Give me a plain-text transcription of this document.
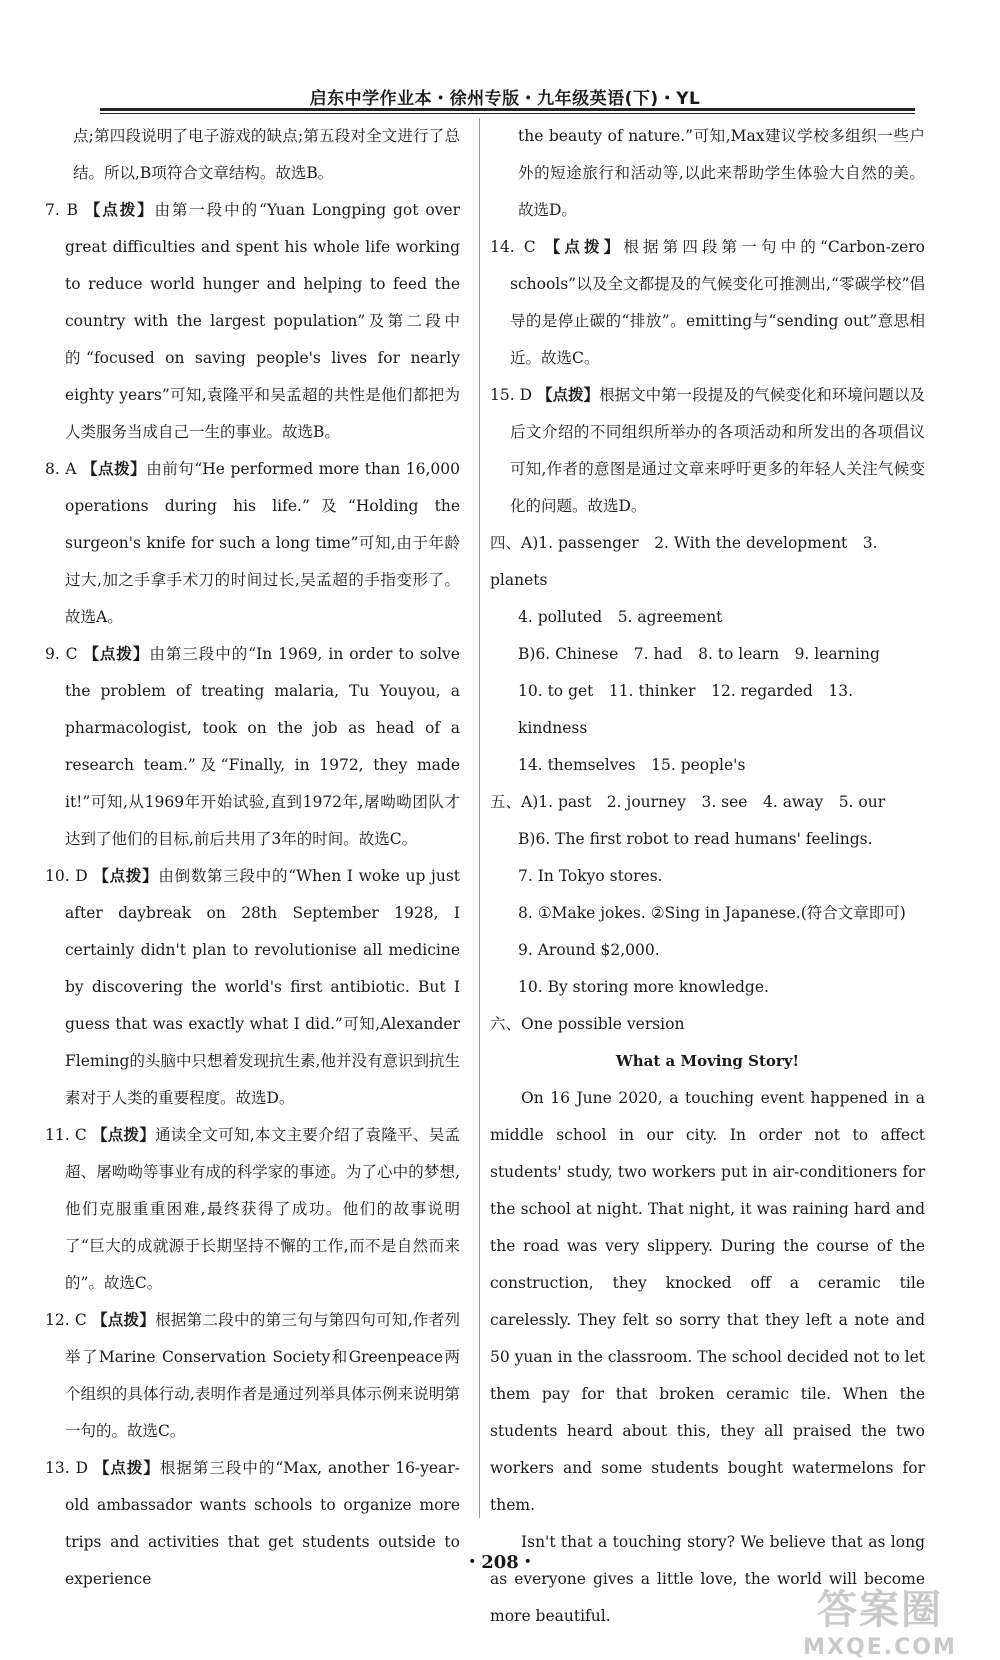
启东中学作业本・徐州专版・九年级英语(下)・YL
点;第四段说明了电子游戏的缺点;第五段对全文进行了总结。所以,B项符合文章结构。故选B。
7. B 【点拨】由第一段中的“Yuan Longping got over great difficulties and spent his whole life working to reduce world hunger and helping to feed the country with the largest population”及第二段中的“focused on saving people's lives for nearly eighty years”可知,袁隆平和吴孟超的共性是他们都把为人类服务当成自己一生的事业。故选B。
8. A 【点拨】由前句“He performed more than 16,000 operations during his life.”及“Holding the surgeon's knife for such a long time”可知,由于年龄过大,加之手拿手术刀的时间过长,吴孟超的手指变形了。故选A。
9. C 【点拨】由第三段中的“In 1969, in order to solve the problem of treating malaria, Tu Youyou, a pharmacologist, took on the job as head of a research team.”及“Finally, in 1972, they made it!”可知,从1969年开始试验,直到1972年,屠呦呦团队才达到了他们的目标,前后共用了3年的时间。故选C。
10. D 【点拨】由倒数第三段中的“When I woke up just after daybreak on 28th September 1928, I certainly didn't plan to revolutionise all medicine by discovering the world's first antibiotic. But I guess that was exactly what I did.”可知,Alexander Fleming的头脑中只想着发现抗生素,他并没有意识到抗生素对于人类的重要程度。故选D。
11. C 【点拨】通读全文可知,本文主要介绍了袁隆平、吴孟超、屠呦呦等事业有成的科学家的事迹。为了心中的梦想,他们克服重重困难,最终获得了成功。他们的故事说明了“巨大的成就源于长期坚持不懈的工作,而不是自然而来的”。故选C。
12. C 【点拨】根据第二段中的第三句与第四句可知,作者列举了Marine Conservation Society和Greenpeace两个组织的具体行动,表明作者是通过列举具体示例来说明第一句的。故选C。
13. D 【点拨】根据第三段中的“Max, another 16-year-old ambassador wants schools to organize more trips and activities that get students outside to experience
the beauty of nature.”可知,Max建议学校多组织一些户外的短途旅行和活动等,以此来帮助学生体验大自然的美。故选D。
14. C 【点拨】根据第四段第一句中的“Carbon-zero schools”以及全文都提及的气候变化可推测出,“零碳学校”倡导的是停止碳的“排放”。emitting与“sending out”意思相近。故选C。
15. D 【点拨】根据文中第一段提及的气候变化和环境问题以及后文介绍的不同组织所举办的各项活动和所发出的各项倡议可知,作者的意图是通过文章来呼吁更多的年轻人关注气候变化的问题。故选D。
四、A)1. passenger　2. With the development　3. planets
4. polluted　5. agreement
B)6. Chinese　7. had　8. to learn　9. learning
10. to get　11. thinker　12. regarded　13. kindness
14. themselves　15. people's
五、A)1. past　2. journey　3. see　4. away　5. our
B)6. The first robot to read humans' feelings.
7. In Tokyo stores.
8. ①Make jokes. ②Sing in Japanese.(符合文章即可)
9. Around $2,000.
10. By storing more knowledge.
六、One possible version
What a Moving Story!
On 16 June 2020, a touching event happened in a middle school in our city. In order not to affect students' study, two workers put in air-conditioners for the school at night. That night, it was raining hard and the road was very slippery. During the course of the construction, they knocked off a ceramic tile carelessly. They felt so sorry that they left a note and 50 yuan in the classroom. The school decided not to let them pay for that broken ceramic tile. When the students heard about this, they all praised the two workers and some students bought watermelons for them.
Isn't that a touching story? We believe that as long as everyone gives a little love, the world will become more beautiful.
・208・
答案圈
MXQE.COM
